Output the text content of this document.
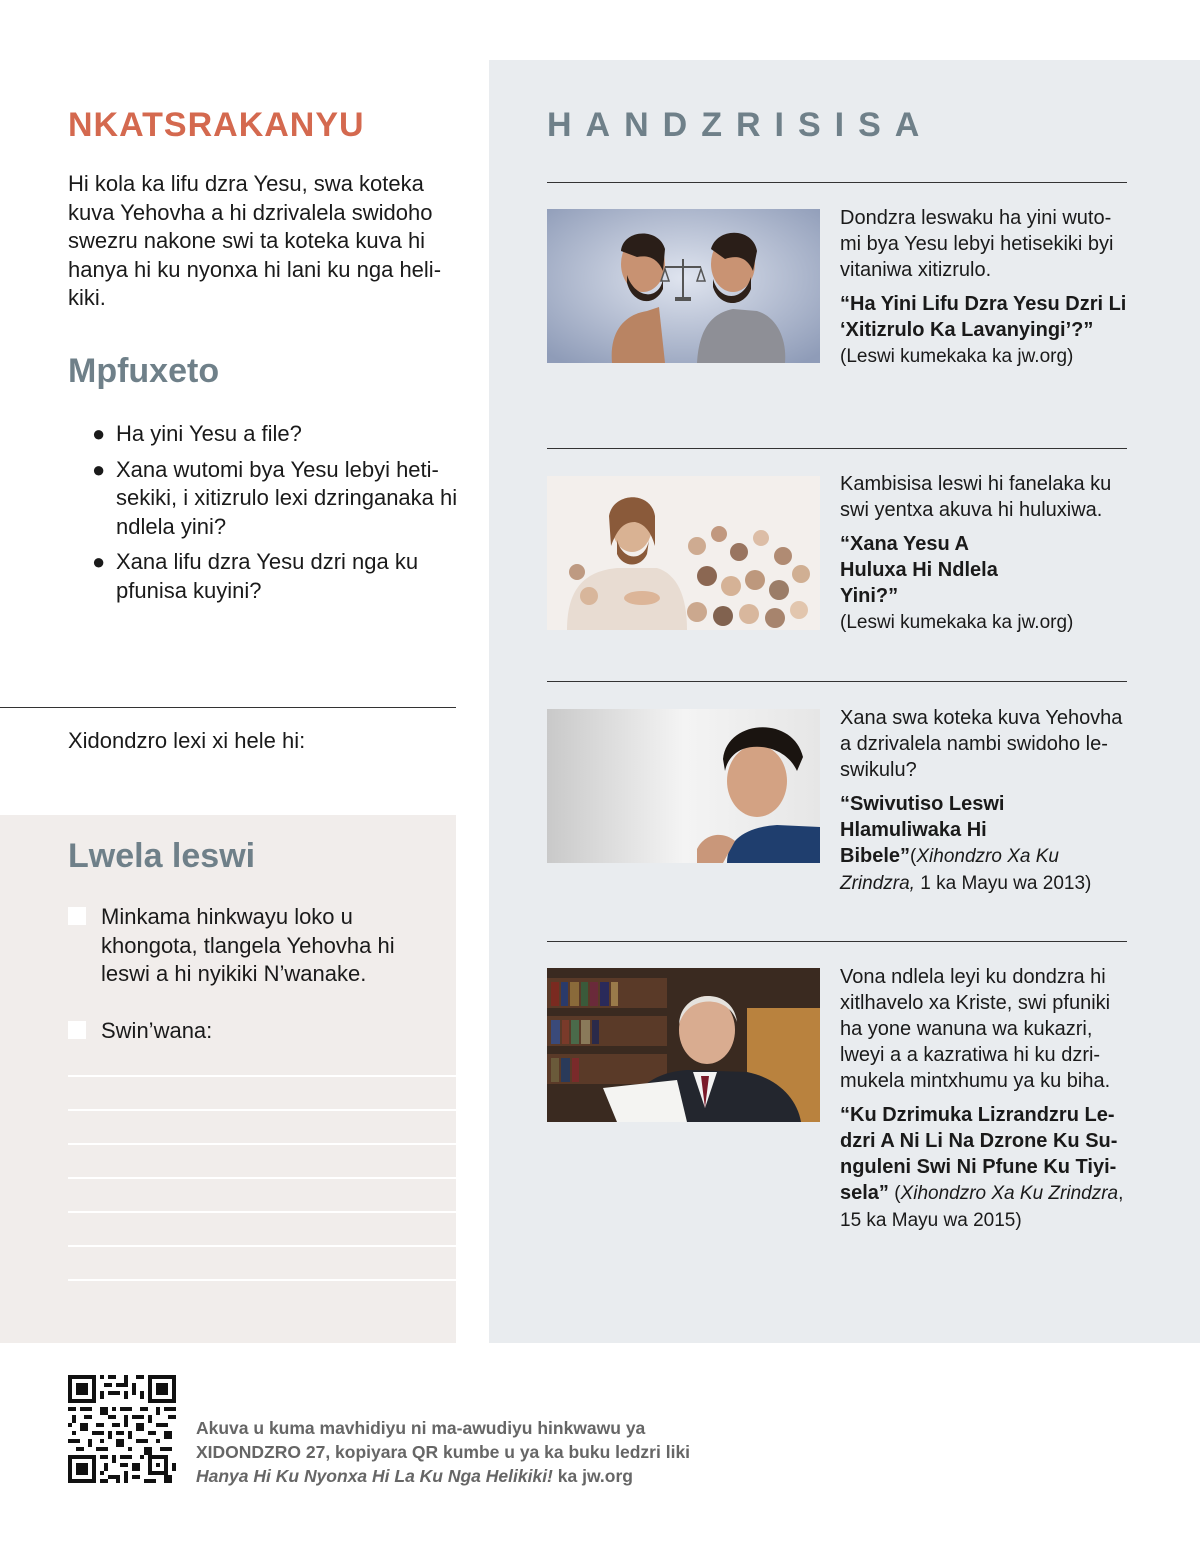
NKATSRAKANYU

Hi kola ka lifu dzra Yesu, swa koteka kuva Yehovha a hi dzrivalela swidoho swezru nakone swi ta koteka kuva hi hanya hi ku nyonxa hi lani ku nga heli-kiki.

Mpfuxeto
● Ha yini Yesu a file?
● Xana wutomi bya Yesu lebyi heti-sekiki, i xitizrulo lexi dzringanaka hi ndlela yini?
● Xana lifu dzra Yesu dzri nga ku pfunisa kuyini?
Xidondzro lexi xi hele hi:
Lwela leswi
Minkama hinkwayu loko u khongota, tlangela Yehovha hi leswi a hi nyikiki N’wanake.
Swin’wana:
HANDZRISISA
Dondzra leswaku ha yini wuto-mi bya Yesu lebyi hetisekiki byi vitaniwa xitizrulo.
“Ha Yini Lifu Dzra Yesu Dzri Li ‘Xitizrulo Ka Lavanyingi’?” (Leswi kumekaka ka jw.org)
Kambisisa leswi hi fanelaka ku swi yentxa akuva hi huluxiwa.
“Xana Yesu A Huluxa Hi Ndlela Yini?”
(Leswi kumekaka ka jw.org)
Xana swa koteka kuva Yehovha a dzrivalela nambi swidoho le-swikulu?
“Swivutiso Leswi Hlamuliwaka Hi Bibele”(Xihondzro Xa Ku Zrindzra, 1 ka Mayu wa 2013)
Vona ndlela leyi ku dondzra hi xitlhavelo xa Kriste, swi pfuniki ha yone wanuna wa kukazri, lweyi a a kazratiwa hi ku dzri-mukela mintxhumu ya ku biha.
“Ku Dzrimuka Lizrandzru Le-dzri A Ni Li Na Dzrone Ku Su-nguleni Swi Ni Pfune Ku Tiyi-sela” (Xihondzro Xa Ku Zrindzra, 15 ka Mayu wa 2015)

Akuva u kuma mavhidiyu ni ma-awudiyu hinkwawu ya XIDONDZRO 27, kopiyara QR kumbe u ya ka buku ledzri liki Hanya Hi Ku Nyonxa Hi La Ku Nga Helikiki! ka jw.org
